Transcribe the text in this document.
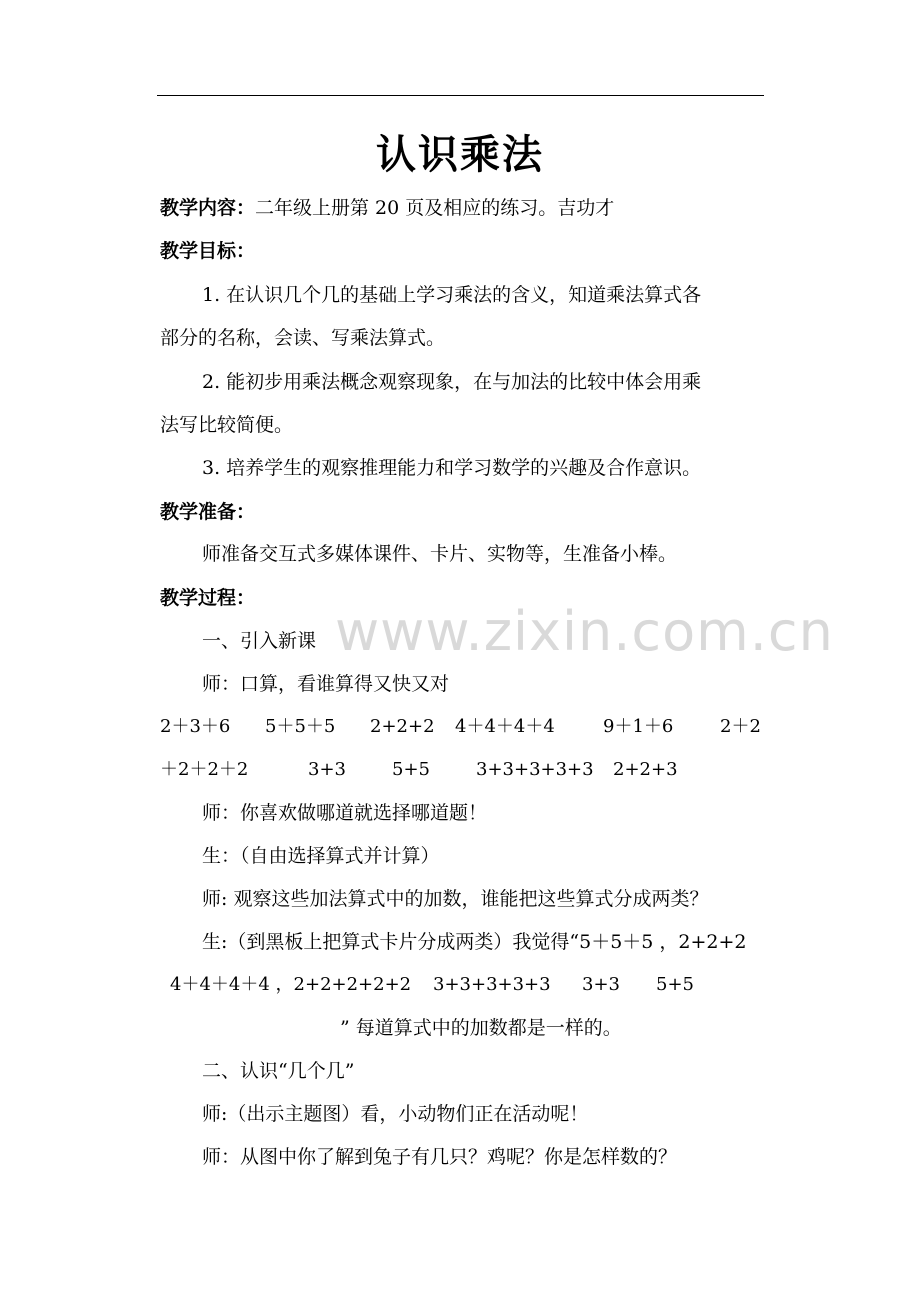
www.zixin.com.cn
认识乘法
教学内容：二年级上册第 20 页及相应的练习。吉功才
教学目标：
1. 在认识几个几的基础上学习乘法的含义，知道乘法算式各
部分的名称，会读、写乘法算式。
2. 能初步用乘法概念观察现象，在与加法的比较中体会用乘
法写比较简便。
3. 培养学生的观察推理能力和学习数学的兴趣及合作意识。
教学准备：
师准备交互式多媒体课件、卡片、实物等，生准备小棒。
教学过程：
一、引入新课
师：口算，看谁算得又快又对
2＋3＋6 5＋5＋5 2+2+2 4＋4＋4＋4	9＋1＋6	2＋2
＋2＋2＋2	3+3	5+5	3+3+3+3+3 2+2+3
师：你喜欢做哪道就选择哪道题！
生：（自由选择算式并计算）
师: 观察这些加法算式中的加数，谁能把这些算式分成两类？
生:（到黑板上把算式卡片分成两类）我觉得“5＋5＋5 ，2+2+2
4＋4＋4＋4 ，2+2+2+2+2 3+3+3+3+3 3+3 5+5
” 每道算式中的加数都是一样的。
二、认识“几个几”
师:（出示主题图）看，小动物们正在活动呢！
师：从图中你了解到兔子有几只？鸡呢？你是怎样数的？
